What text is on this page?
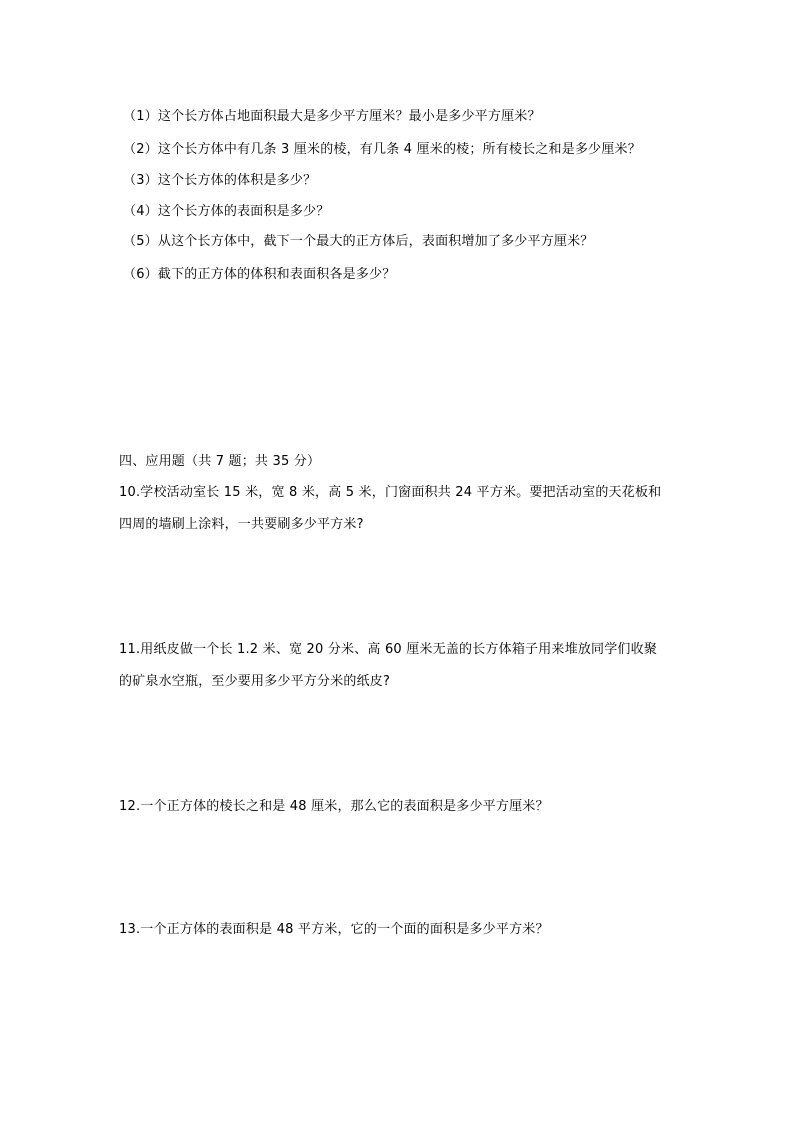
（1）这个长方体占地面积最大是多少平方厘米？最小是多少平方厘米？
（2）这个长方体中有几条 3 厘米的棱，有几条 4 厘米的棱；所有棱长之和是多少厘米？
（3）这个长方体的体积是多少？
（4）这个长方体的表面积是多少？
（5）从这个长方体中，截下一个最大的正方体后，表面积增加了多少平方厘米？
（6）截下的正方体的体积和表面积各是多少？
四、应用题（共 7 题；共 35 分）
10.学校活动室长 15 米，宽 8 米，高 5 米，门窗面积共 24 平方米。要把活动室的天花板和
四周的墙刷上涂料，一共要刷多少平方米?
11.用纸皮做一个长 1.2 米、宽 20 分米、高 60 厘米无盖的长方体箱子用来堆放同学们收聚
的矿泉水空瓶，至少要用多少平方分米的纸皮?
12.一个正方体的棱长之和是 48 厘米，那么它的表面积是多少平方厘米？
13.一个正方体的表面积是 48 平方米，它的一个面的面积是多少平方米？
